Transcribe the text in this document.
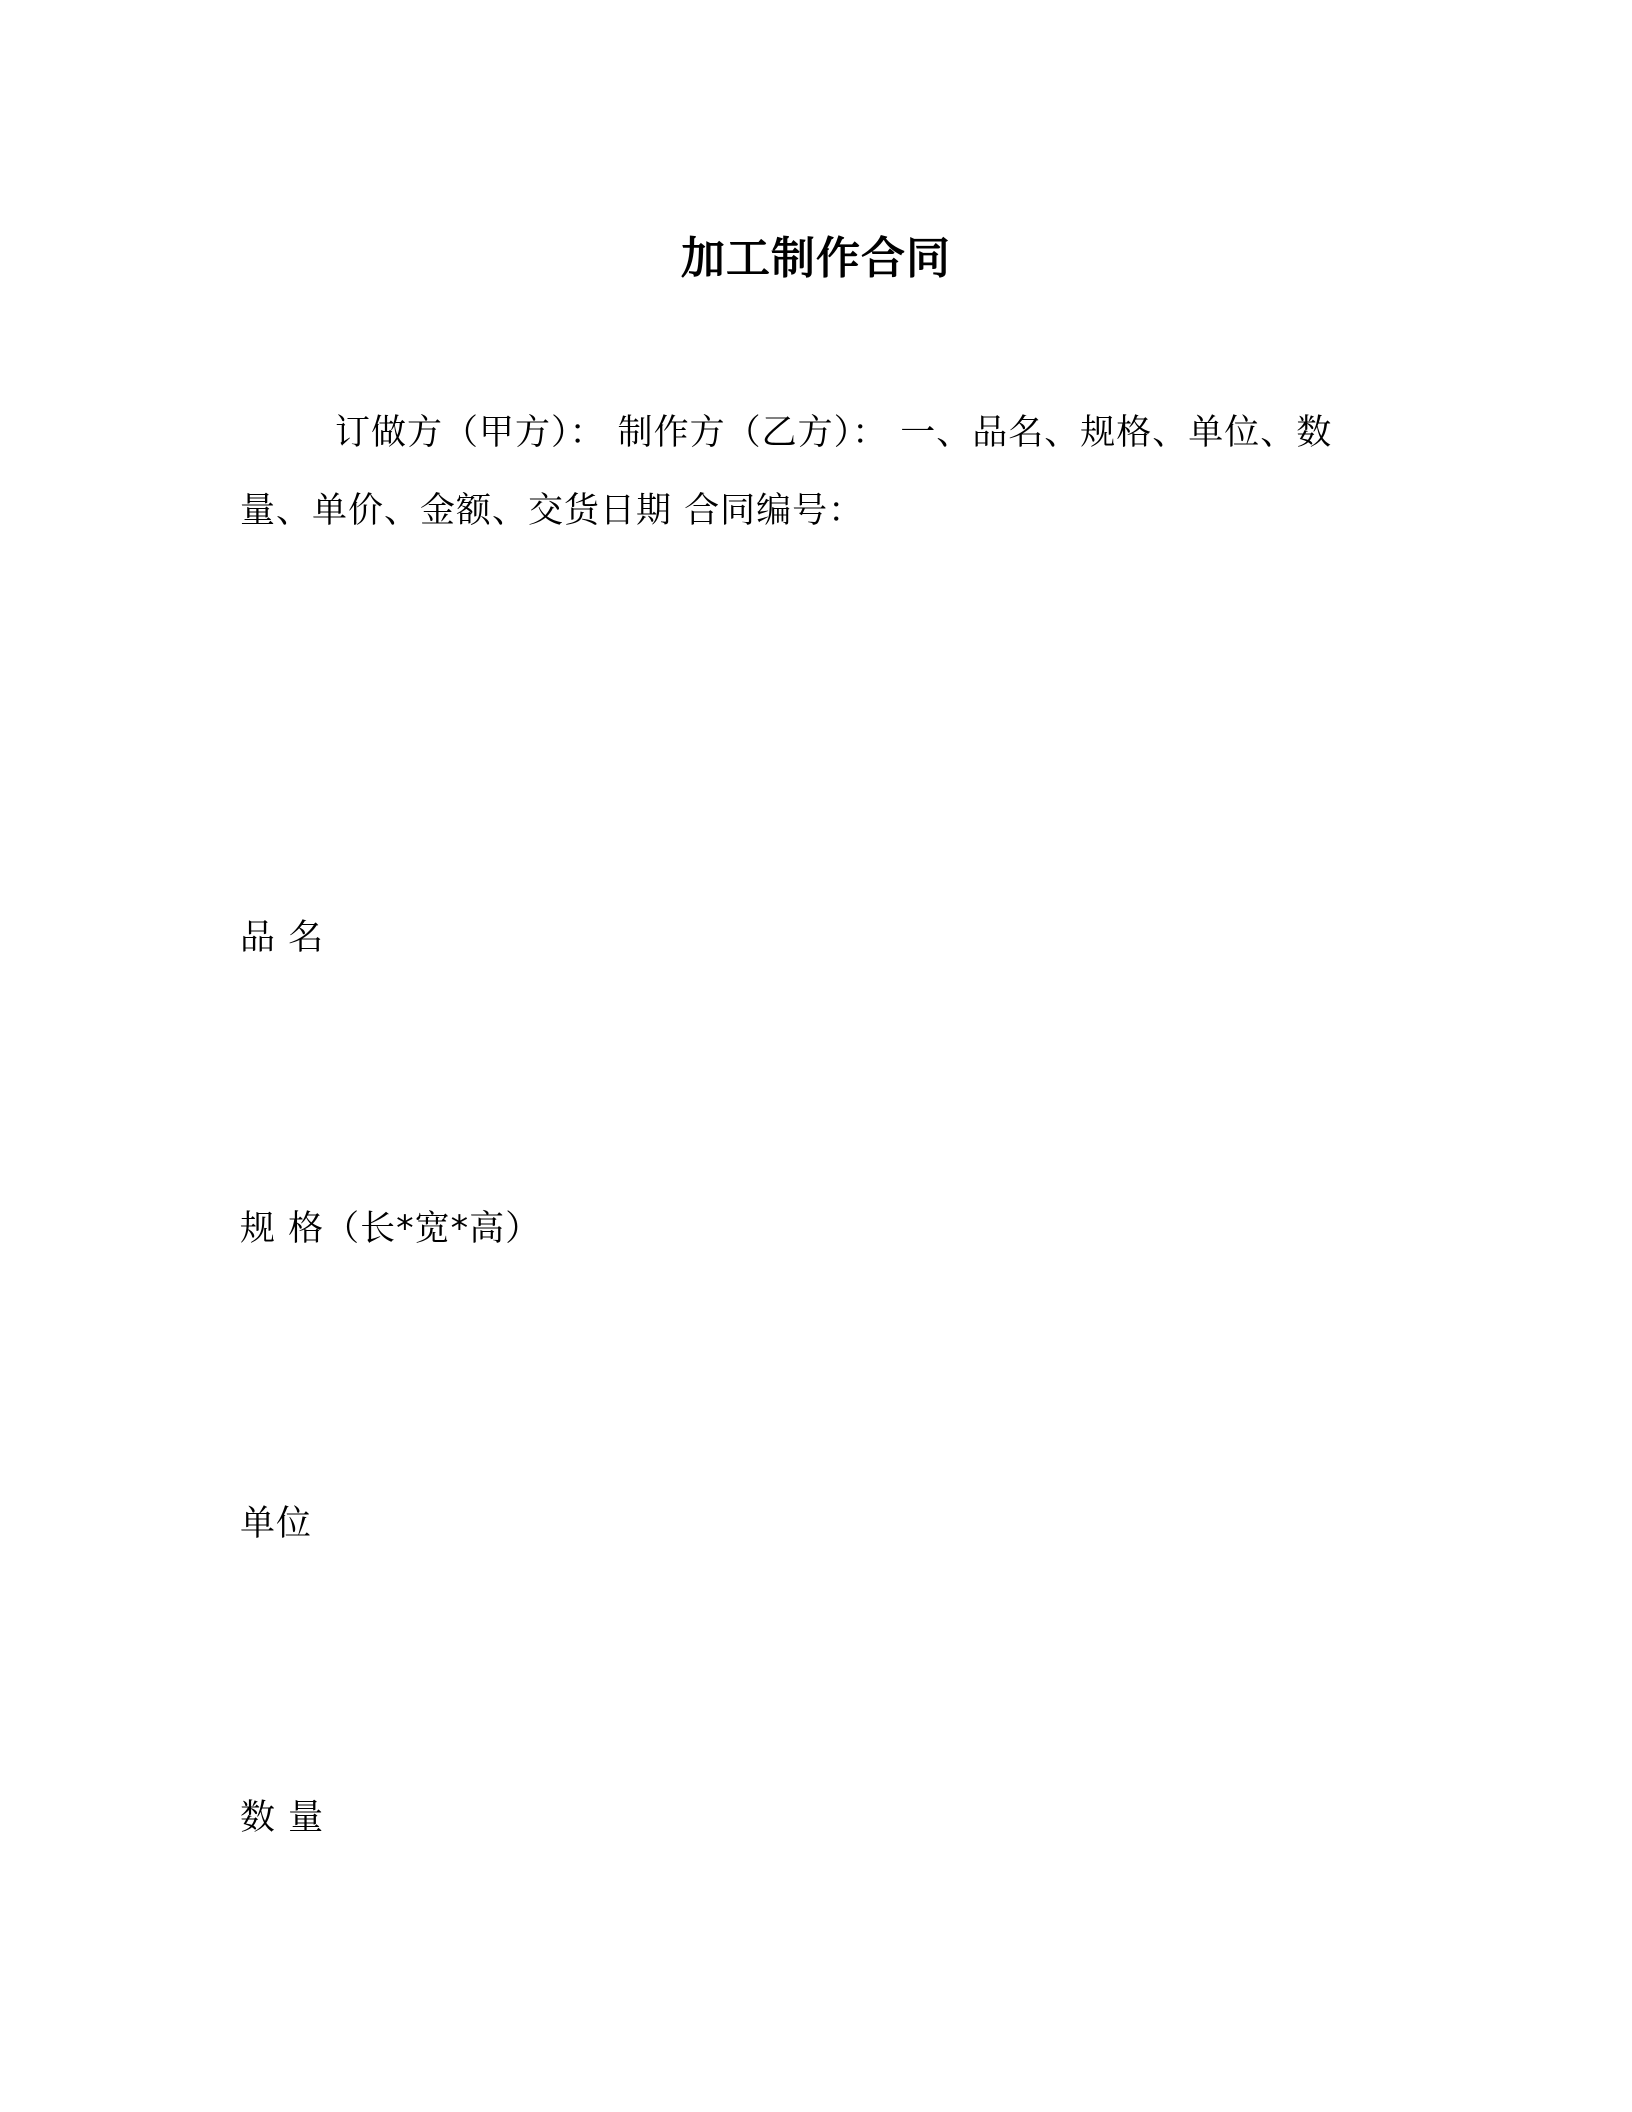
加工制作合同
订做方（甲方）： 制作方（乙方）： 一、品名、规格、单位、数量、单价、金额、交货日期 合同编号：
品 名
规 格（长*宽*高）
单位
数 量
